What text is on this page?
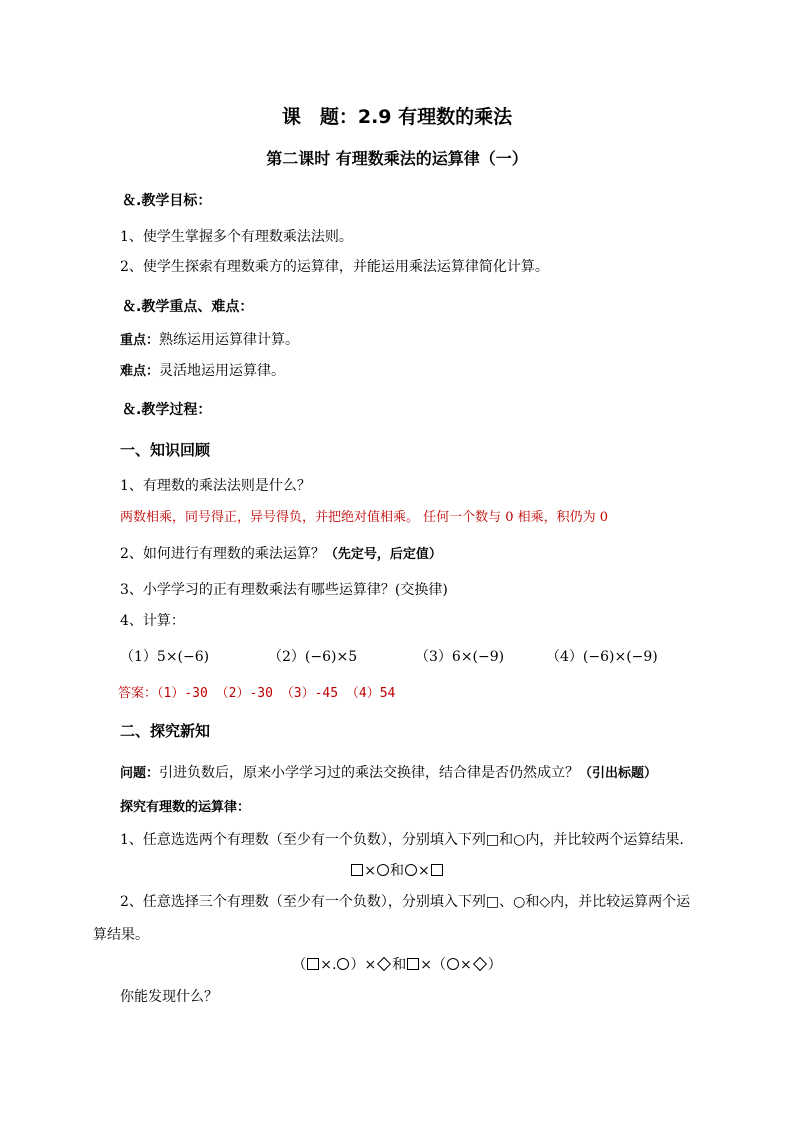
课　题：2.9 有理数的乘法
第二课时 有理数乘法的运算律（一）
＆.教学目标：
1、使学生掌握多个有理数乘法法则。
2、使学生探索有理数乘方的运算律，并能运用乘法运算律简化计算。
＆.教学重点、难点：
重点：熟练运用运算律计算。
难点：灵活地运用运算律。
＆.教学过程：
一、知识回顾
1、有理数的乘法法则是什么？
两数相乘，同号得正，异号得负，并把绝对值相乘。 任何一个数与 0 相乘，积仍为 0
2、如何进行有理数的乘法运算？（先定号，后定值）
3、小学学习的正有理数乘法有哪些运算律？(交换律)
4、计算：
（1）5×(−6)	（2）(−6)×5	（3）6×(−9)	（4）(−6)×(−9)
答案：（1）-30 （2）-30 （3）-45 （4）54
二、探究新知
问题：引进负数后，原来小学学习过的乘法交换律，结合律是否仍然成立？（引出标题）
探究有理数的运算律：
1、任意选选两个有理数（至少有一个负数），分别填入下列□和○内，并比较两个运算结果.
× 和 ×
2、任意选择三个有理数（至少有一个负数），分别填入下列□、○和◇内，并比较运算两个运
算结果。
（ ×. ）× 和 ×（ × ）
你能发现什么？
